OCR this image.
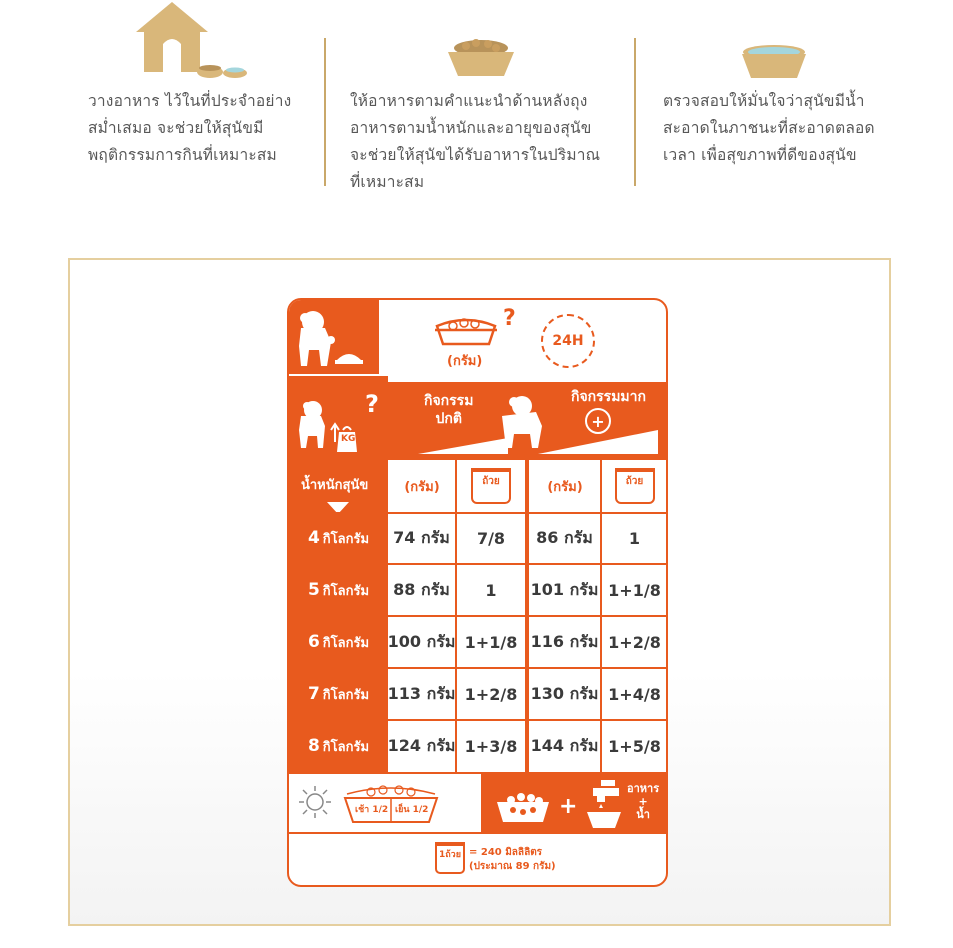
วางอาหาร ไว้ในที่ประจำอย่าง
สม่ำเสมอ จะช่วยให้สุนัขมี
พฤติกรรมการกินที่เหมาะสม
ให้อาหารตามคำแนะนำด้านหลังถุง
อาหารตามน้ำหนักและอายุของสุนัข
จะช่วยให้สุนัขได้รับอาหารในปริมาณ
ที่เหมาะสม
ตรวจสอบให้มั่นใจว่าสุนัขมีน้ำ
สะอาดในภาชนะที่สะอาดตลอด
เวลา เพื่อสุขภาพที่ดีของสุนัข
?
(กรัม)
24H
KG
?
น้ำหนักสุนัข
กิจกรรม
ปกติ
กิจกรรมมาก
+
(กรัม)	ถ้วย	(กรัม)	ถ้วย
4 กิโลกรัม	74 กรัม	7/8	86 กรัม	1
5 กิโลกรัม	88 กรัม	1	101 กรัม 1+1/8
6 กิโลกรัม 100 กรัม 1+1/8 116 กรัม 1+2/8
7 กิโลกรัม 113 กรัม 1+2/8 130 กรัม 1+4/8
8 กิโลกรัม 124 กรัม 1+3/8 144 กรัม 1+5/8
เช้า 1/2 เย็น 1/2	+
อาหาร
+
น้ำ
1ถ้วย = 240 มิลลิลิตร
(ประมาณ 89 กรัม)
